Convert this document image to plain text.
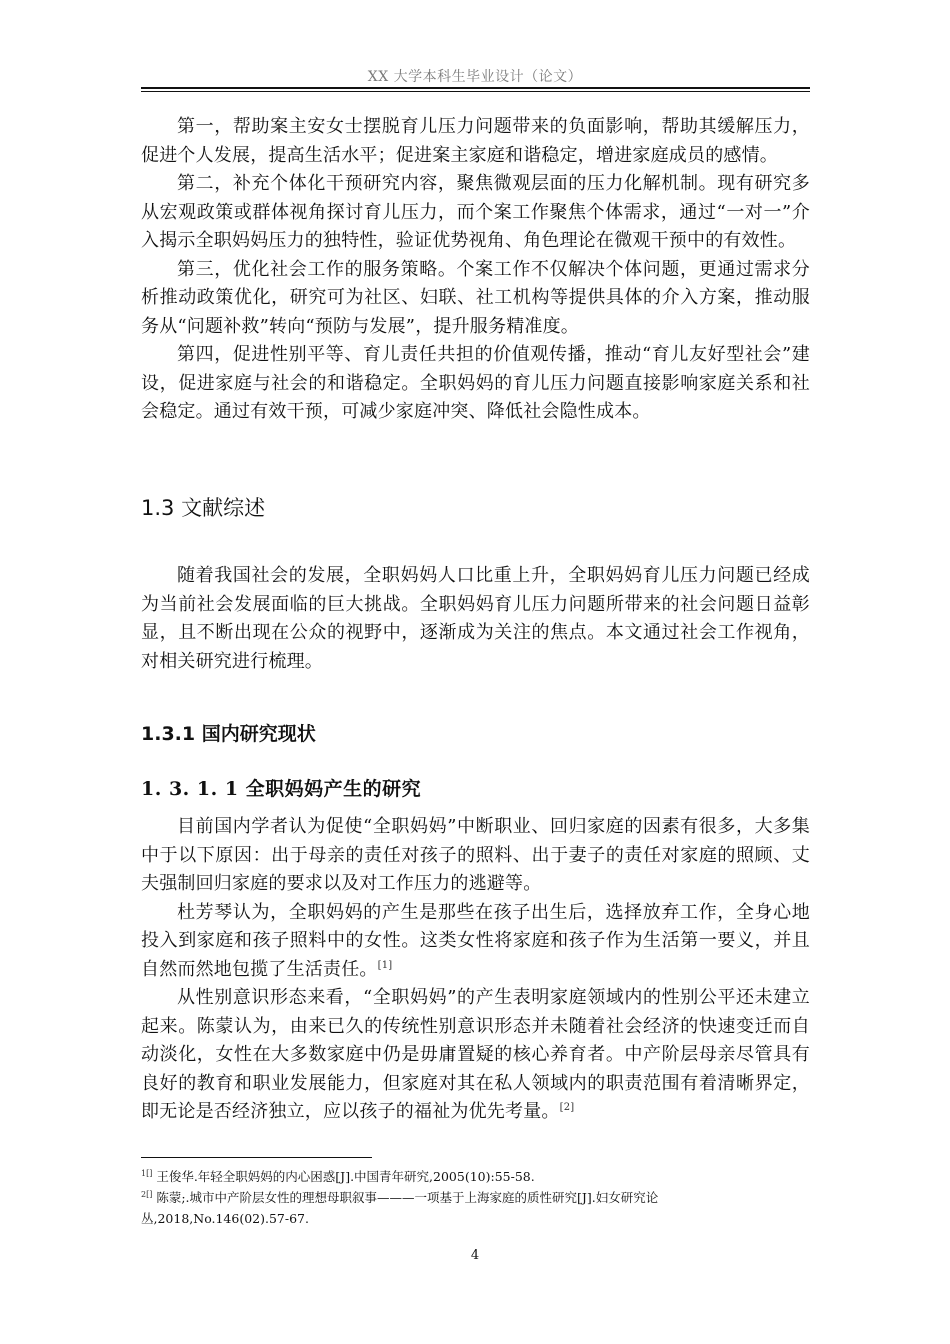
XX 大学本科生毕业设计（论文）

第一，帮助案主安女士摆脱育儿压力问题带来的负面影响，帮助其缓解压力，促进个人发展，提高生活水平；促进案主家庭和谐稳定，增进家庭成员的感情。

第二，补充个体化干预研究内容，聚焦微观层面的压力化解机制。现有研究多从宏观政策或群体视角探讨育儿压力，而个案工作聚焦个体需求，通过“一对一”介入揭示全职妈妈压力的独特性，验证优势视角、角色理论在微观干预中的有效性。

第三，优化社会工作的服务策略。个案工作不仅解决个体问题，更通过需求分析推动政策优化，研究可为社区、妇联、社工机构等提供具体的介入方案，推动服务从“问题补救”转向“预防与发展”，提升服务精准度。

第四，促进性别平等、育儿责任共担的价值观传播，推动“育儿友好型社会”建设，促进家庭与社会的和谐稳定。全职妈妈的育儿压力问题直接影响家庭关系和社会稳定。通过有效干预，可减少家庭冲突、降低社会隐性成本。

1.3 文献综述

随着我国社会的发展，全职妈妈人口比重上升，全职妈妈育儿压力问题已经成为当前社会发展面临的巨大挑战。全职妈妈育儿压力问题所带来的社会问题日益彰显，且不断出现在公众的视野中，逐渐成为关注的焦点。本文通过社会工作视角，对相关研究进行梳理。

1.3.1 国内研究现状
1. 3. 1. 1 全职妈妈产生的研究

目前国内学者认为促使“全职妈妈”中断职业、回归家庭的因素有很多，大多集中于以下原因：出于母亲的责任对孩子的照料、出于妻子的责任对家庭的照顾、丈夫强制回归家庭的要求以及对工作压力的逃避等。

杜芳琴认为，全职妈妈的产生是那些在孩子出生后，选择放弃工作，全身心地投入到家庭和孩子照料中的女性。这类女性将家庭和孩子作为生活第一要义，并且自然而然地包揽了生活责任。[1]

从性别意识形态来看，“全职妈妈”的产生表明家庭领域内的性别公平还未建立起来。陈蒙认为，由来已久的传统性别意识形态并未随着社会经济的快速变迁而自动淡化，女性在大多数家庭中仍是毋庸置疑的核心养育者。中产阶层母亲尽管具有良好的教育和职业发展能力，但家庭对其在私人领域内的职责范围有着清晰界定，即无论是否经济独立，应以孩子的福祉为优先考量。[2]

$^{1[]}$ 王俊华.年轻全职妈妈的内心困惑[J].中国青年研究,2005(10):55-58.
$^{2[]}$ 陈蒙;.城市中产阶层女性的理想母职叙事———一项基于上海家庭的质性研究[J].妇女研究论丛,2018,No.146(02).57-67.
4
